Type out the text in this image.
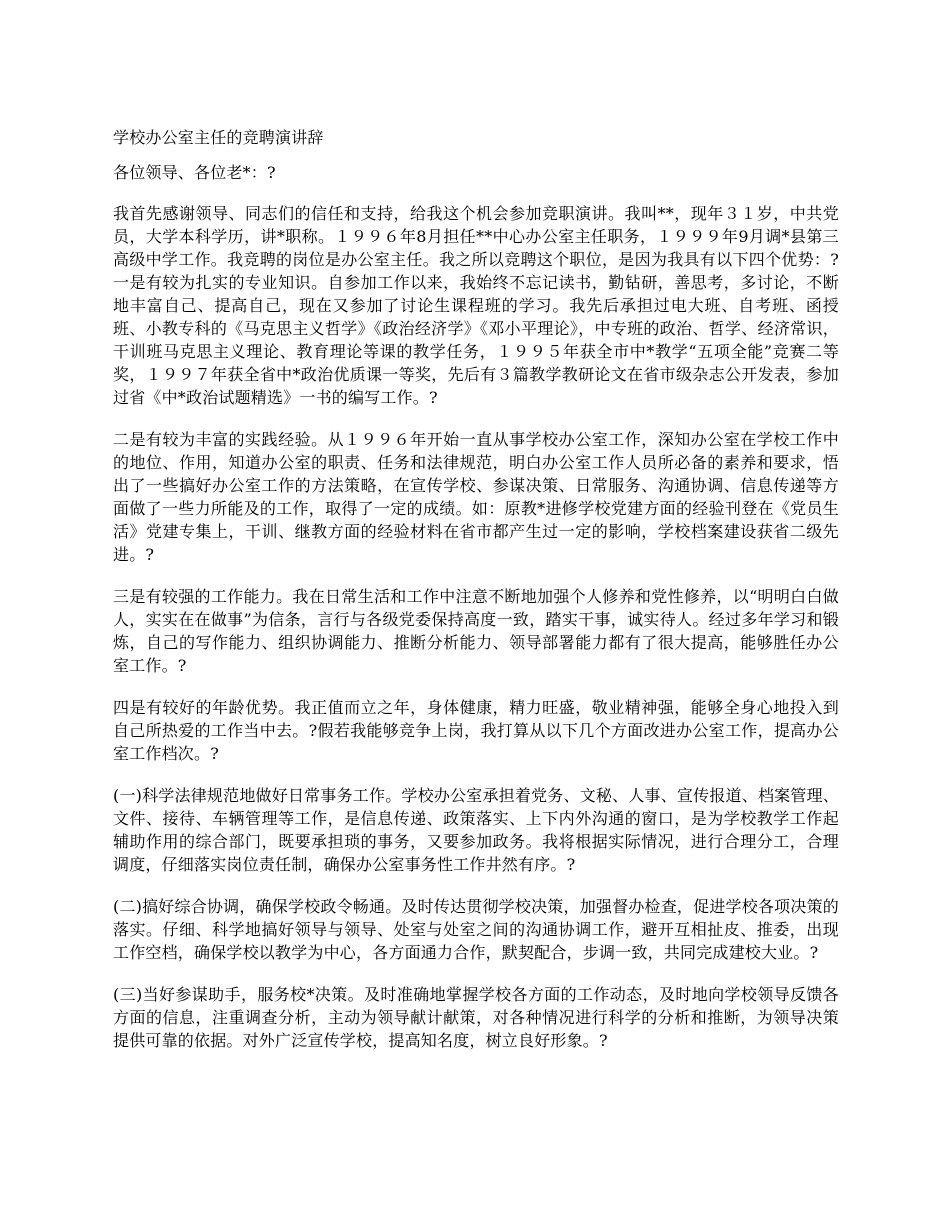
学校办公室主任的竞聘演讲辞
各位领导、各位老*：?
我首先感谢领导、同志们的信任和支持，给我这个机会参加竞职演讲。我叫**，现年３１岁，中共党员，大学本科学历，讲*职称。１９９６年8月担任**中心办公室主任职务，１９９９年9月调*县第三高级中学工作。我竞聘的岗位是办公室主任。我之所以竞聘这个职位，是因为我具有以下四个优势：?一是有较为扎实的专业知识。自参加工作以来，我始终不忘记读书，勤钻研，善思考，多讨论，不断地丰富自己、提高自己，现在又参加了讨论生课程班的学习。我先后承担过电大班、自考班、函授班、小教专科的《马克思主义哲学》《政治经济学》《邓小平理论》，中专班的政治、哲学、经济常识，干训班马克思主义理论、教育理论等课的教学任务，１９９５年获全市中*教学“五项全能”竞赛二等奖，１９９７年获全省中*政治优质课一等奖，先后有３篇教学教研论文在省市级杂志公开发表，参加过省《中*政治试题精选》一书的编写工作。?
二是有较为丰富的实践经验。从１９９６年开始一直从事学校办公室工作，深知办公室在学校工作中的地位、作用，知道办公室的职责、任务和法律规范，明白办公室工作人员所必备的素养和要求，悟出了一些搞好办公室工作的方法策略，在宣传学校、参谋决策、日常服务、沟通协调、信息传递等方面做了一些力所能及的工作，取得了一定的成绩。如：原教*进修学校党建方面的经验刊登在《党员生活》党建专集上，干训、继教方面的经验材料在省市都产生过一定的影响，学校档案建设获省二级先进。?
三是有较强的工作能力。我在日常生活和工作中注意不断地加强个人修养和党性修养，以“明明白白做人，实实在在做事”为信条，言行与各级党委保持高度一致，踏实干事，诚实待人。经过多年学习和锻炼，自己的写作能力、组织协调能力、推断分析能力、领导部署能力都有了很大提高，能够胜任办公室工作。?
四是有较好的年龄优势。我正值而立之年，身体健康，精力旺盛，敬业精神强，能够全身心地投入到自己所热爱的工作当中去。?假若我能够竞争上岗，我打算从以下几个方面改进办公室工作，提高办公室工作档次。?
(一)科学法律规范地做好日常事务工作。学校办公室承担着党务、文秘、人事、宣传报道、档案管理、文件、接待、车辆管理等工作，是信息传递、政策落实、上下内外沟通的窗口，是为学校教学工作起辅助作用的综合部门，既要承担琐的事务，又要参加政务。我将根据实际情况，进行合理分工，合理调度，仔细落实岗位责任制，确保办公室事务性工作井然有序。?
(二)搞好综合协调，确保学校政令畅通。及时传达贯彻学校决策，加强督办检查，促进学校各项决策的落实。仔细、科学地搞好领导与领导、处室与处室之间的沟通协调工作，避开互相扯皮、推委，出现工作空档，确保学校以教学为中心，各方面通力合作，默契配合，步调一致，共同完成建校大业。?
(三)当好参谋助手，服务校*决策。及时准确地掌握学校各方面的工作动态，及时地向学校领导反馈各方面的信息，注重调查分析，主动为领导献计献策，对各种情况进行科学的分析和推断，为领导决策提供可靠的依据。对外广泛宣传学校，提高知名度，树立良好形象。?
